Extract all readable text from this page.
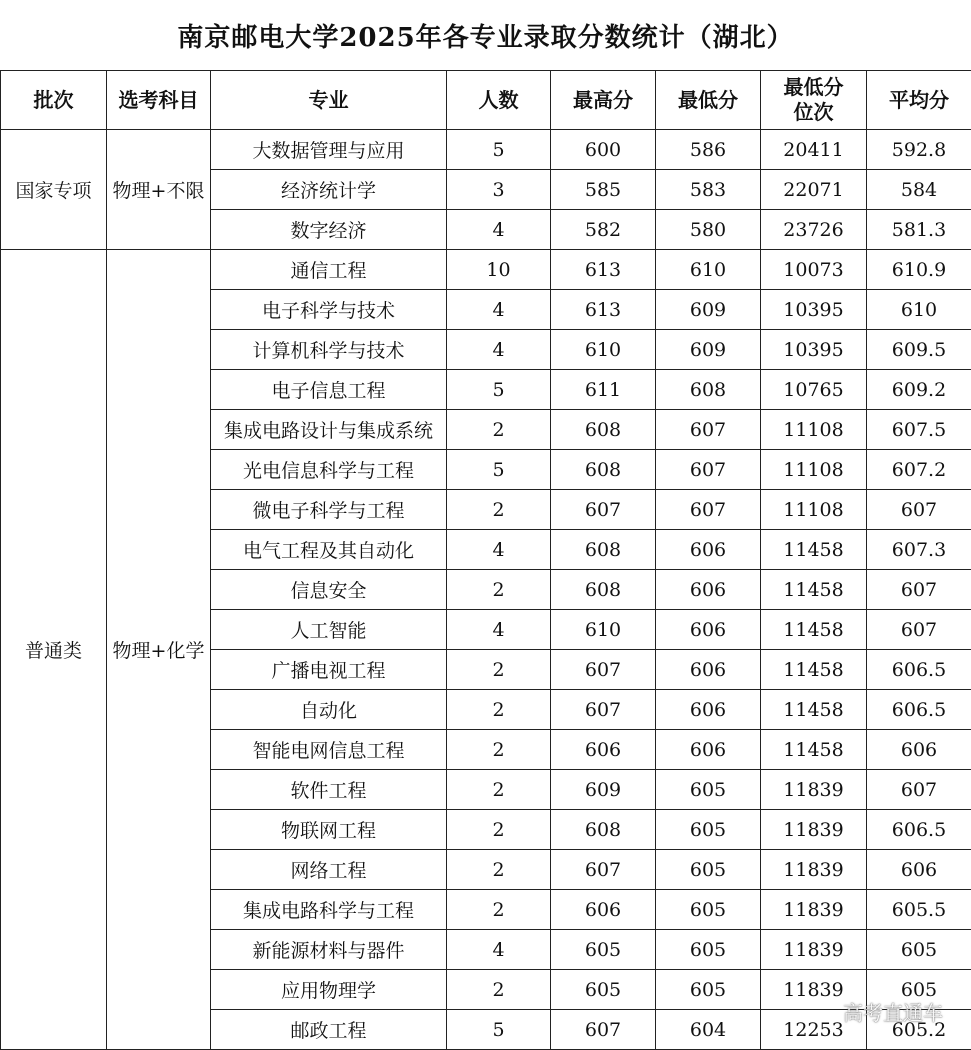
南京邮电大学2025年各专业录取分数统计（湖北）
批次	选考科目	专业	人数	最高分	最低分	最低分位次	平均分
国家专项	物理+不限	大数据管理与应用	5	600	586	20411	592.8
		经济统计学	3	585	583	22071	584
		数字经济	4	582	580	23726	581.3
普通类	物理+化学	通信工程	10	613	610	10073	610.9
		电子科学与技术	4	613	609	10395	610
		计算机科学与技术	4	610	609	10395	609.5
		电子信息工程	5	611	608	10765	609.2
		集成电路设计与集成系统	2	608	607	11108	607.5
		光电信息科学与工程	5	608	607	11108	607.2
		微电子科学与工程	2	607	607	11108	607
		电气工程及其自动化	4	608	606	11458	607.3
		信息安全	2	608	606	11458	607
		人工智能	4	610	606	11458	607
		广播电视工程	2	607	606	11458	606.5
		自动化	2	607	606	11458	606.5
		智能电网信息工程	2	606	606	11458	606
		软件工程	2	609	605	11839	607
		物联网工程	2	608	605	11839	606.5
		网络工程	2	607	605	11839	606
		集成电路科学与工程	2	606	605	11839	605.5
		新能源材料与器件	4	605	605	11839	605
		应用物理学	2	605	605	11839	605
		邮政工程	5	607	604	12253	605.2
高考直通车
